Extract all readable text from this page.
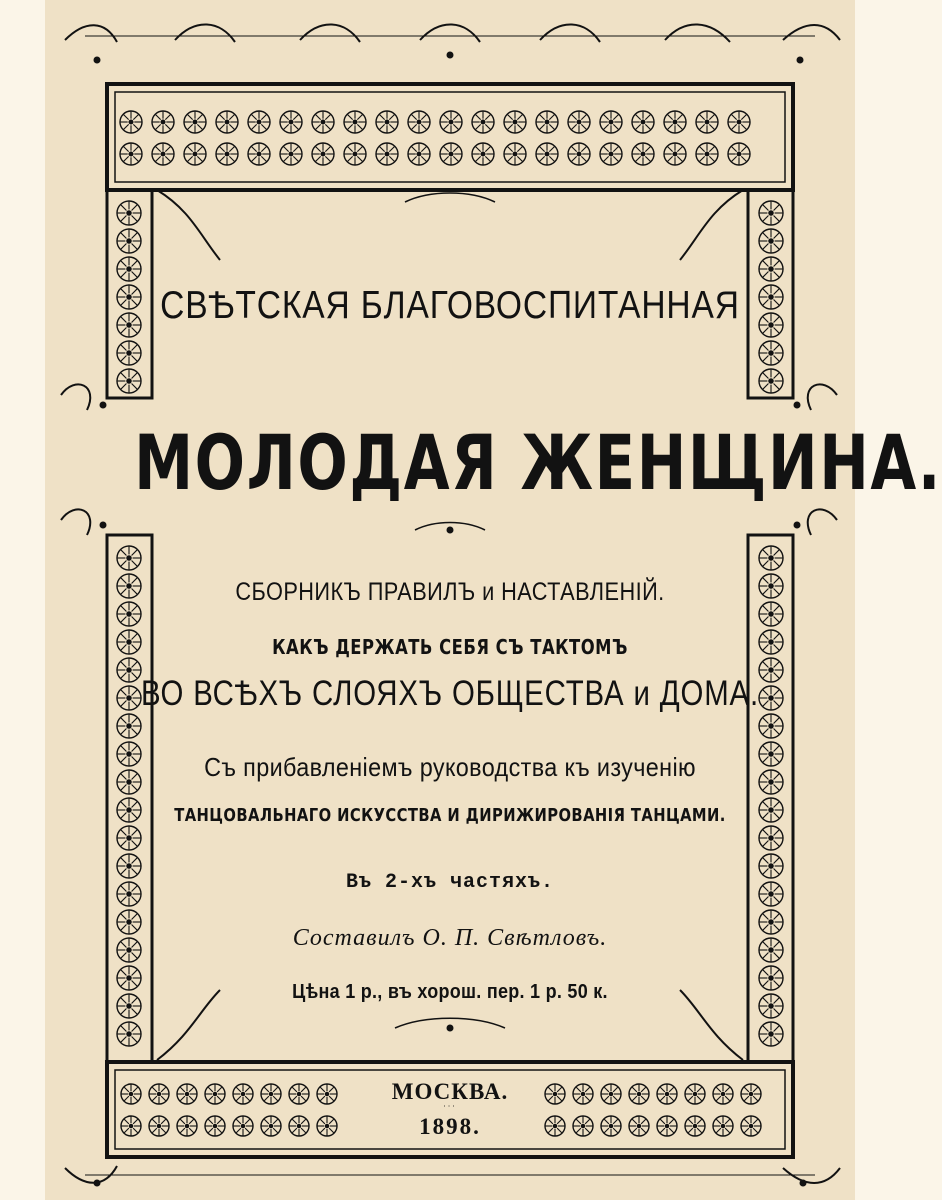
СВѢТСКАЯ БЛАГОВОСПИТАННАЯ
МОЛОДАЯ ЖЕНЩИНА.
СБОРНИКЪ ПРАВИЛЪ и НАСТАВЛЕНIЙ.
КАКЪ ДЕРЖАТЬ СЕБЯ СЪ ТАКТОМЪ
ВО ВСѢХЪ СЛОЯХЪ ОБЩЕСТВА и ДОМА.
Съ прибавленiемъ руководства къ изученiю
ТАНЦОВАЛЬНАГО ИСКУССТВА И ДИРИЖИРОВАНIЯ ТАНЦАМИ.
Въ 2-хъ частяхъ.
Составилъ О. П. Свѣтловъ.
Цѣна 1 р., въ хорош. пер. 1 р. 50 к.
МОСКВА.
···
1898.
